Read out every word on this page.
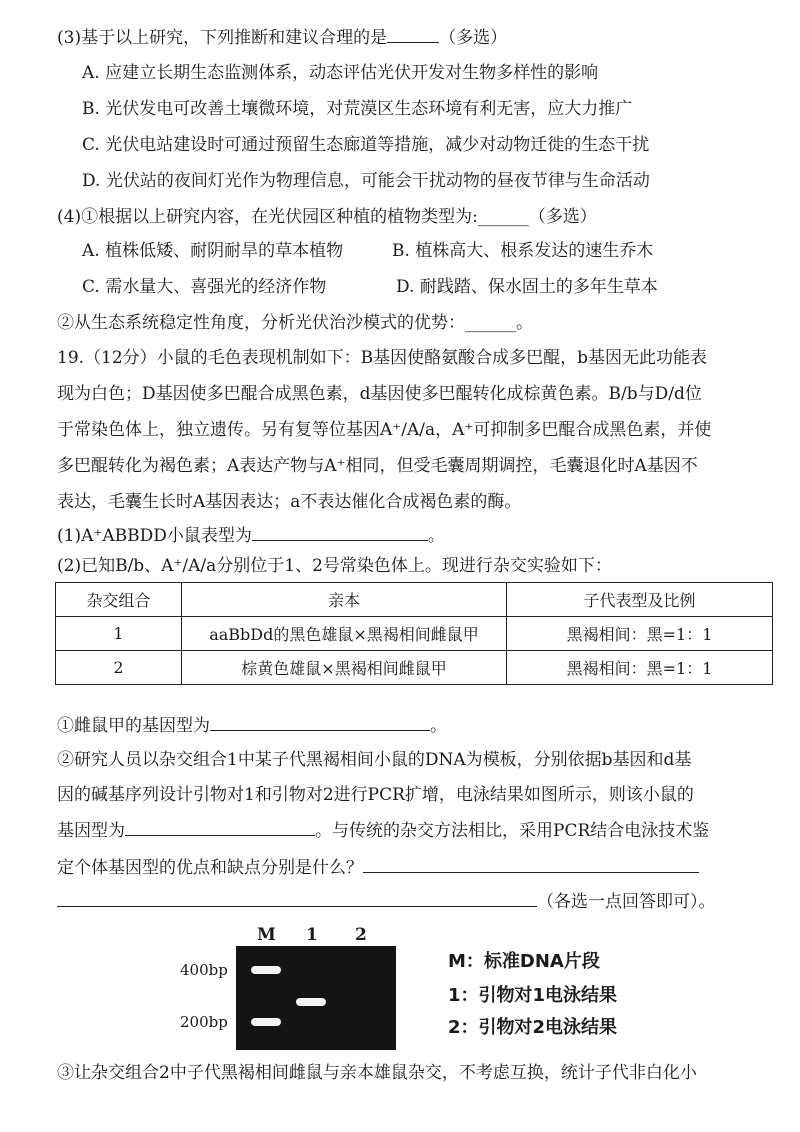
(3)基于以上研究，下列推断和建议合理的是	（多选）
A. 应建立长期生态监测体系，动态评估光伏开发对生物多样性的影响
B. 光伏发电可改善土壤微环境，对荒漠区生态环境有利无害，应大力推广
C. 光伏电站建设时可通过预留生态廊道等措施，减少对动物迁徙的生态干扰
D. 光伏站的夜间灯光作为物理信息，可能会干扰动物的昼夜节律与生命活动
(4)①根据以上研究内容，在光伏园区种植的植物类型为:______（多选）
A. 植株低矮、耐阴耐旱的草本植物	B. 植株高大、根系发达的速生乔木
C. 需水量大、喜强光的经济作物	D. 耐践踏、保水固土的多年生草本
②从生态系统稳定性角度，分析光伏治沙模式的优势：______。
19.（12分）小鼠的毛色表现机制如下：B基因使酪氨酸合成多巴醌，b基因无此功能表
现为白色；D基因使多巴醌合成黑色素，d基因使多巴醌转化成棕黄色素。B/b与D/d位
于常染色体上，独立遗传。另有复等位基因A⁺/A/a，A⁺可抑制多巴醌合成黑色素，并使
多巴醌转化为褐色素；A表达产物与A⁺相同，但受毛囊周期调控，毛囊退化时A基因不
表达，毛囊生长时A基因表达；a不表达催化合成褐色素的酶。
(1)A⁺ABBDD小鼠表型为	。
(2)已知B/b、A⁺/A/a分别位于1、2号常染色体上。现进行杂交实验如下：
杂交组合	亲本	子代表型及比例
1	aaBbDd的黑色雄鼠×黑褐相间雌鼠甲	黑褐相间：黑=1：1
2	棕黄色雄鼠×黑褐相间雌鼠甲	黑褐相间：黑=1：1
①雌鼠甲的基因型为	。
②研究人员以杂交组合1中某子代黑褐相间小鼠的DNA为模板，分别依据b基因和d基
因的碱基序列设计引物对1和引物对2进行PCR扩增，电泳结果如图所示，则该小鼠的
基因型为	。与传统的杂交方法相比，采用PCR结合电泳技术鉴
定个体基因型的优点和缺点分别是什么？
（各选一点回答即可）。
M 1 2
400bp
200bp
M：标准DNA片段
1：引物对1电泳结果
2：引物对2电泳结果
③让杂交组合2中子代黑褐相间雌鼠与亲本雄鼠杂交，不考虑互换，统计子代非白化小
